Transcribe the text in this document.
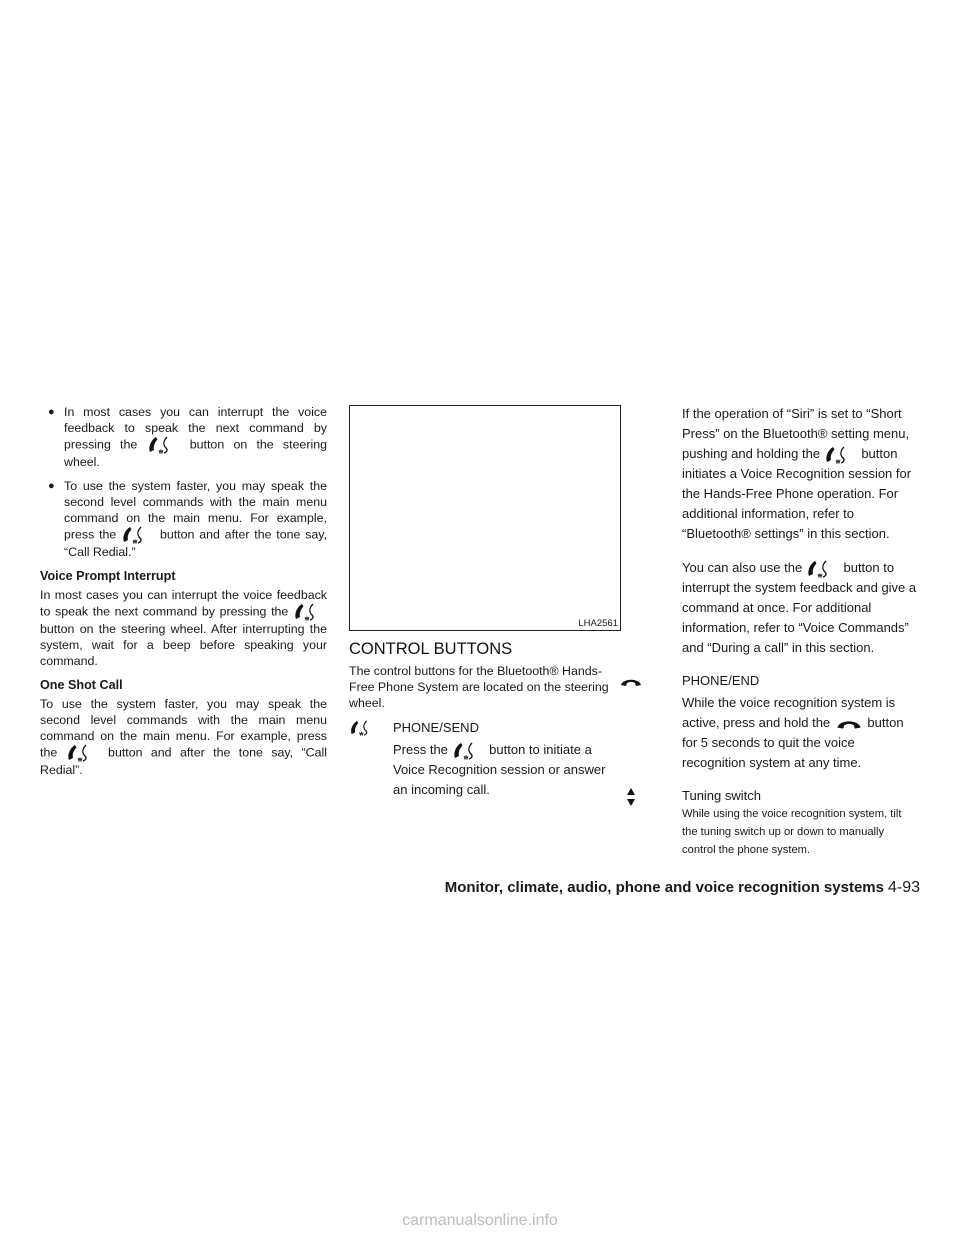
● In most cases you can interrupt the voice feedback to speak the next command by pressing the	button on the steering wheel.
● To use the system faster, you may speak the second level commands with the main menu command on the main menu. For example, press the	button and after the tone say, “Call Redial.”

Voice Prompt Interrupt

In most cases you can interrupt the voice feedback to speak the next command by pressing the  button on the steering wheel. After interrupting the system, wait for a beep before speaking your command.

One Shot Call

To use the system faster, you may speak the second level commands with the main menu command on the main menu. For example, press the	button and after the tone say, “Call Redial”.

LHA2561
CONTROL BUTTONS

The control buttons for the Bluetooth® Hands-Free Phone System are located on the steering wheel.

PHONE/SEND
Press the	button to initiate a Voice Recognition session or answer an incoming call.

If the operation of “Siri” is set to “Short Press” on the Bluetooth® setting menu, pushing and holding the	button initiates a Voice Recognition session for the Hands-Free Phone operation. For additional information, refer to “Bluetooth® settings” in this section.

You can also use the	button to interrupt the system feedback and give a command at once. For additional information, refer to “Voice Commands” and “During a call” in this section.

PHONE/END
While the voice recognition system is active, press and hold the	button for 5 seconds to quit the voice recognition system at any time.
Tuning switch
While using the voice recognition system, tilt the tuning switch up or down to manually control the phone system.
Monitor, climate, audio, phone and voice recognition systems 4-93
carmanualsonline.info
